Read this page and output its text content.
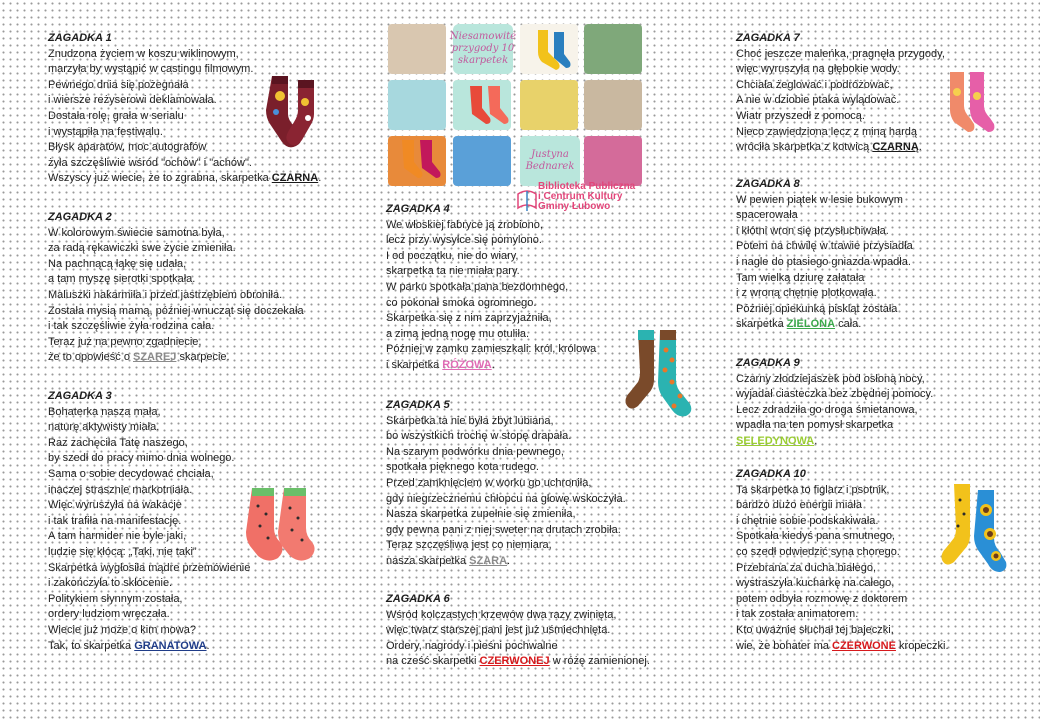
ZAGADKA 1
Znudzona życiem w koszu wiklinowym,
marzyła by wystąpić w castingu filmowym.
Pewnego dnia się pożegnała
i wiersze reżyserowi deklamowała.
Dostała rolę, grała w serialu
i wystąpiła na festiwalu.
Błysk aparatów, moc autografów
żyła szczęśliwie wśród "ochów" i "achów".
Wszyscy już wiecie, że to zgrabna, skarpetka CZARNA.
ZAGADKA 2
W kolorowym świecie samotna była,
za radą rękawiczki swe życie zmieniła.
Na pachnącą łąkę się udała,
a tam myszę sierotki spotkała.
Maluszki nakarmiła i przed jastrzębiem obroniła.
Została mysią mamą, później wnucząt się doczekała
i tak szczęśliwie żyła rodzina cała.
Teraz już na pewno zgadniecie,
że to opowieść o SZAREJ skarpecie.
ZAGADKA 3
Bohaterka nasza mała,
naturę aktywisty miała.
Raz zachęciła Tatę naszego,
by szedł do pracy mimo dnia wolnego.
Sama o sobie decydować chciała,
inaczej strasznie markotniała.
Więc wyruszyła na wakacje
i tak trafiła na manifestację.
A tam harmider nie byle jaki,
ludzie się kłócą: „Taki, nie taki”
Skarpetka wygłosiła mądre przemówienie
i zakończyła to skłócenie.
Politykiem słynnym została,
ordery ludziom wręczała.
Wiecie już może o kim mowa?
Tak, to skarpetka GRANATOWA.
Niesamowite przygody 10 skarpetek
Justyna Bednarek
Biblioteka Publiczna
i Centrum Kultury
Gminy Łubowo
ZAGADKA 4
We włoskiej fabryce ją zrobiono,
lecz przy wysyłce się pomylono.
I od początku, nie do wiary,
skarpetka ta nie miała pary.
W parku spotkała pana bezdomnego,
co pokonał smoka ogromnego.
Skarpetka się z nim zaprzyjaźniła,
a zimą jedną nogę mu otuliła.
Później w zamku zamieszkali: król, królowa
i skarpetka RÓŻOWA.
ZAGADKA 5
Skarpetka ta nie była zbyt lubiana,
bo wszystkich trochę w stopę drapała.
Na szarym podwórku dnia pewnego,
spotkała pięknego kota rudego.
Przed zamknięciem w worku go uchroniła,
gdy niegrzecznemu chłopcu na głowę wskoczyła.
Nasza skarpetka zupełnie się zmieniła,
gdy pewna pani z niej sweter na drutach zrobiła.
Teraz szczęśliwa jest co niemiara,
nasza skarpetka SZARA.
ZAGADKA 6
Wśród kolczastych krzewów dwa razy zwinięta,
więc twarz starszej pani jest już uśmiechnięta.
Ordery, nagrody i pieśni pochwalne
na cześć skarpetki CZERWONEJ w różę zamienionej.
ZAGADKA 7
Choć jeszcze maleńka, pragnęła przygody,
więc wyruszyła na głębokie wody.
Chciała żeglować i podróżować,
A nie w dziobie ptaka wylądować.
Wiatr przyszedł z pomocą.
Nieco zawiedziona lecz z miną hardą
wróciła skarpetka z kotwicą CZARNĄ.
ZAGADKA 8
W pewien piątek w lesie bukowym
spacerowała
i kłótni wron się przysłuchiwała.
Potem na chwilę w trawie przysiadła
i nagle do ptasiego gniazda wpadła.
Tam wielką dziurę załatała
i z wroną chętnie plotkowała.
Później opiekunką piskląt została
skarpetka ZIELONA cała.
ZAGADKA 9
Czarny złodziejaszek pod osłoną nocy,
wyjadał ciasteczka bez zbędnej pomocy.
Lecz zdradziła go droga śmietanowa,
wpadła na ten pomysł skarpetka
SELEDYNOWA.
ZAGADKA 10
Ta skarpetka to figlarz i psotnik,
bardzo dużo energii miała
i chętnie sobie podskakiwała.
Spotkała kiedyś pana smutnego,
co szedł odwiedzić syna chorego.
Przebrana za ducha białego,
wystraszyła kucharkę na całego,
potem odbyła rozmowę z doktorem
i tak została animatorem.
Kto uważnie słuchał tej bajeczki,
wie, że bohater ma CZERWONE kropeczki.
